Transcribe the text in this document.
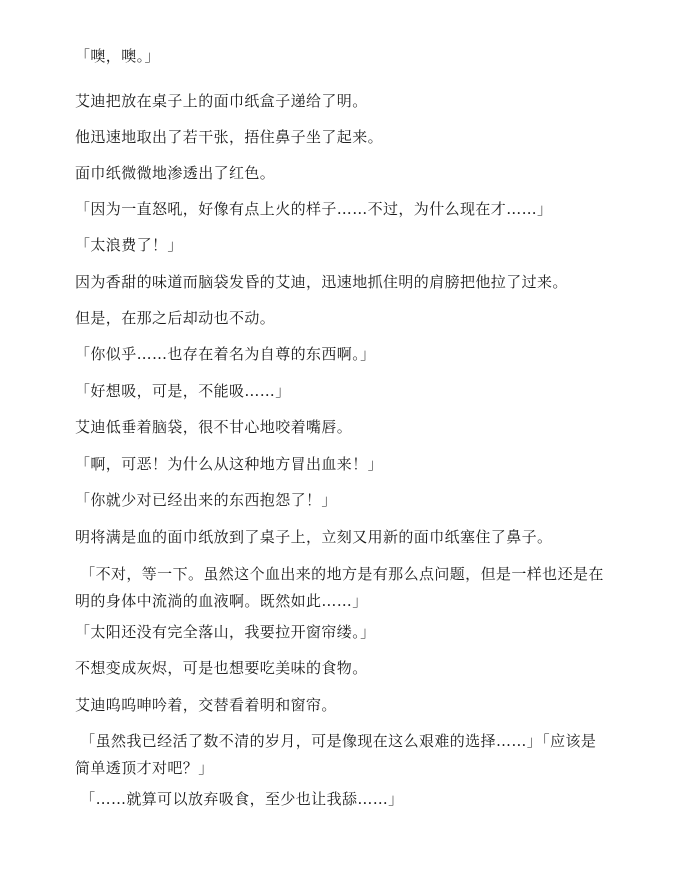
「噢，噢。」

艾迪把放在桌子上的面巾纸盒子递给了明。

他迅速地取出了若干张，捂住鼻子坐了起来。

面巾纸微微地渗透出了红色。

「因为一直怒吼，好像有点上火的样子……不过，为什么现在才……」

「太浪费了！」

因为香甜的味道而脑袋发昏的艾迪，迅速地抓住明的肩膀把他拉了过来。

但是，在那之后却动也不动。

「你似乎……也存在着名为自尊的东西啊。」

「好想吸，可是，不能吸……」

艾迪低垂着脑袋，很不甘心地咬着嘴唇。

「啊，可恶！为什么从这种地方冒出血来！」

「你就少对已经出来的东西抱怨了！」

明将满是血的面巾纸放到了桌子上，立刻又用新的面巾纸塞住了鼻子。

「不对，等一下。虽然这个血出来的地方是有那么点问题，但是一样也还是在
明的身体中流淌的血液啊。既然如此……」

「太阳还没有完全落山，我要拉开窗帘缕。」

不想变成灰烬，可是也想要吃美味的食物。

艾迪呜呜呻吟着，交替看着明和窗帘。

「虽然我已经活了数不清的岁月，可是像现在这么艰难的选择……」「应该是
简单透顶才对吧？」

「……就算可以放弃吸食，至少也让我舔……」
